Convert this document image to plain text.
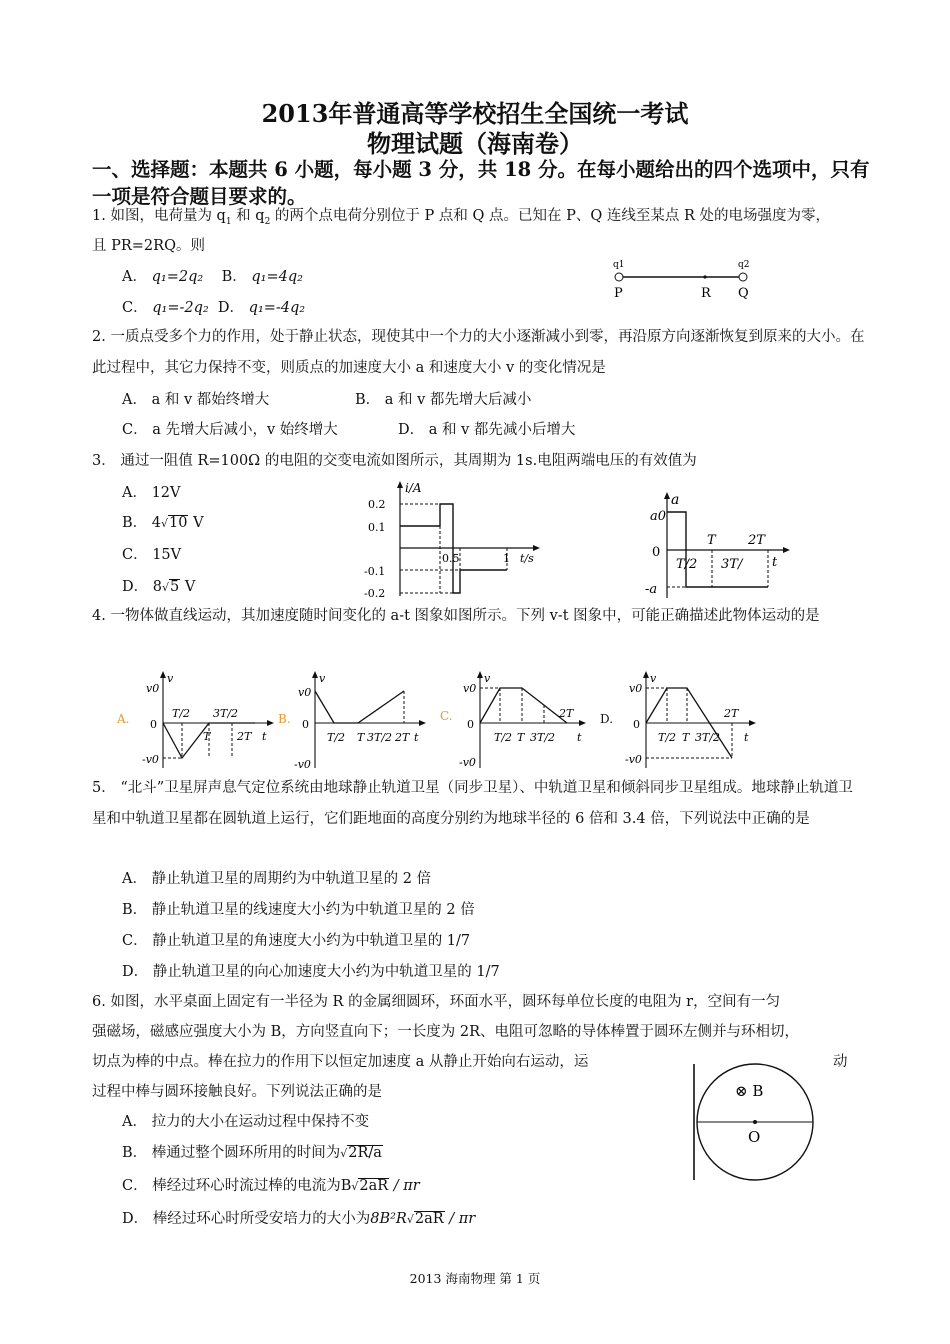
2013年普通高等学校招生全国统一考试
物理试题（海南卷）
一、选择题：本题共 6 小题，每小题 3 分，共 18 分。在每小题给出的四个选项中，只有一项是符合题目要求的。
1. 如图，电荷量为 $q_1$ 和 $q_2$ 的两个点电荷分别位于 P 点和 Q 点。已知在 P、Q 连线至某点 R 处的电场强度为零，
且 PR=2RQ。则
A． q₁=2q₂ B． q₁=4q₂
C． q₁=-2q₂ D． q₁=-4q₂
q1	q2
P	R Q
2. 一质点受多个力的作用，处于静止状态，现使其中一个力的大小逐渐减小到零，再沿原方向逐渐恢复到原来的大小。在此过程中，其它力保持不变，则质点的加速度大小 a 和速度大小 v 的变化情况是
A． a 和 v 都始终增大	B． a 和 v 都先增大后减小
C． a 先增大后减小，v 始终增大	D． a 和 v 都先减小后增大
3． 通过一阻值 R=100Ω 的电阻的交变电流如图所示，其周期为 1s.电阻两端电压的有效值为
A． 12V
B． 4√10 V
C． 15V
D． 8√5 V
i/A
0.2
0.1
-0.1
-0.2
0.5	1 t/s
a
a0
0
-a
T/2
T
3T/
2T
t
4. 一物体做直线运动，其加速度随时间变化的 a-t 图象如图所示。下列 v-t 图象中，可能正确描述此物体运动的是
A.
v
v0
0
-v0
T/2
T
3T/2
2T t
B.
v
v0
0
-v0
T/2 T 3T/2 2T t
C.
v
v0
0
-v0
T/2 T 3T/2
2T
t
D.
v
v0
0
-v0
T/2 T 3T/2
2T
t
5． “北斗”卫星屏声息气定位系统由地球静止轨道卫星（同步卫星）、中轨道卫星和倾斜同步卫星组成。地球静止轨道卫星和中轨道卫星都在圆轨道上运行，它们距地面的高度分别约为地球半径的 6 倍和 3.4 倍，下列说法中正确的是
A． 静止轨道卫星的周期约为中轨道卫星的 2 倍
B． 静止轨道卫星的线速度大小约为中轨道卫星的 2 倍
C． 静止轨道卫星的角速度大小约为中轨道卫星的 1/7
D． 静止轨道卫星的向心加速度大小约为中轨道卫星的 1/7
6. 如图，水平桌面上固定有一半径为 R 的金属细圆环，环面水平，圆环每单位长度的电阻为 r，空间有一匀
强磁场，磁感应强度大小为 B，方向竖直向下；一长度为 2R、电阻可忽略的导体棒置于圆环左侧并与环相切，
切点为棒的中点。棒在拉力的作用下以恒定加速度 a 从静止开始向右运动，运	动
过程中棒与圆环接触良好。下列说法正确的是
A． 拉力的大小在运动过程中保持不变
B． 棒通过整个圆环所用的时间为√2R/a
C． 棒经过环心时流过棒的电流为B√2aR / πr
D． 棒经过环心时所受安培力的大小为8B²R√2aR / πr
⊗ B
O
2013 海南物理 第 1 页
